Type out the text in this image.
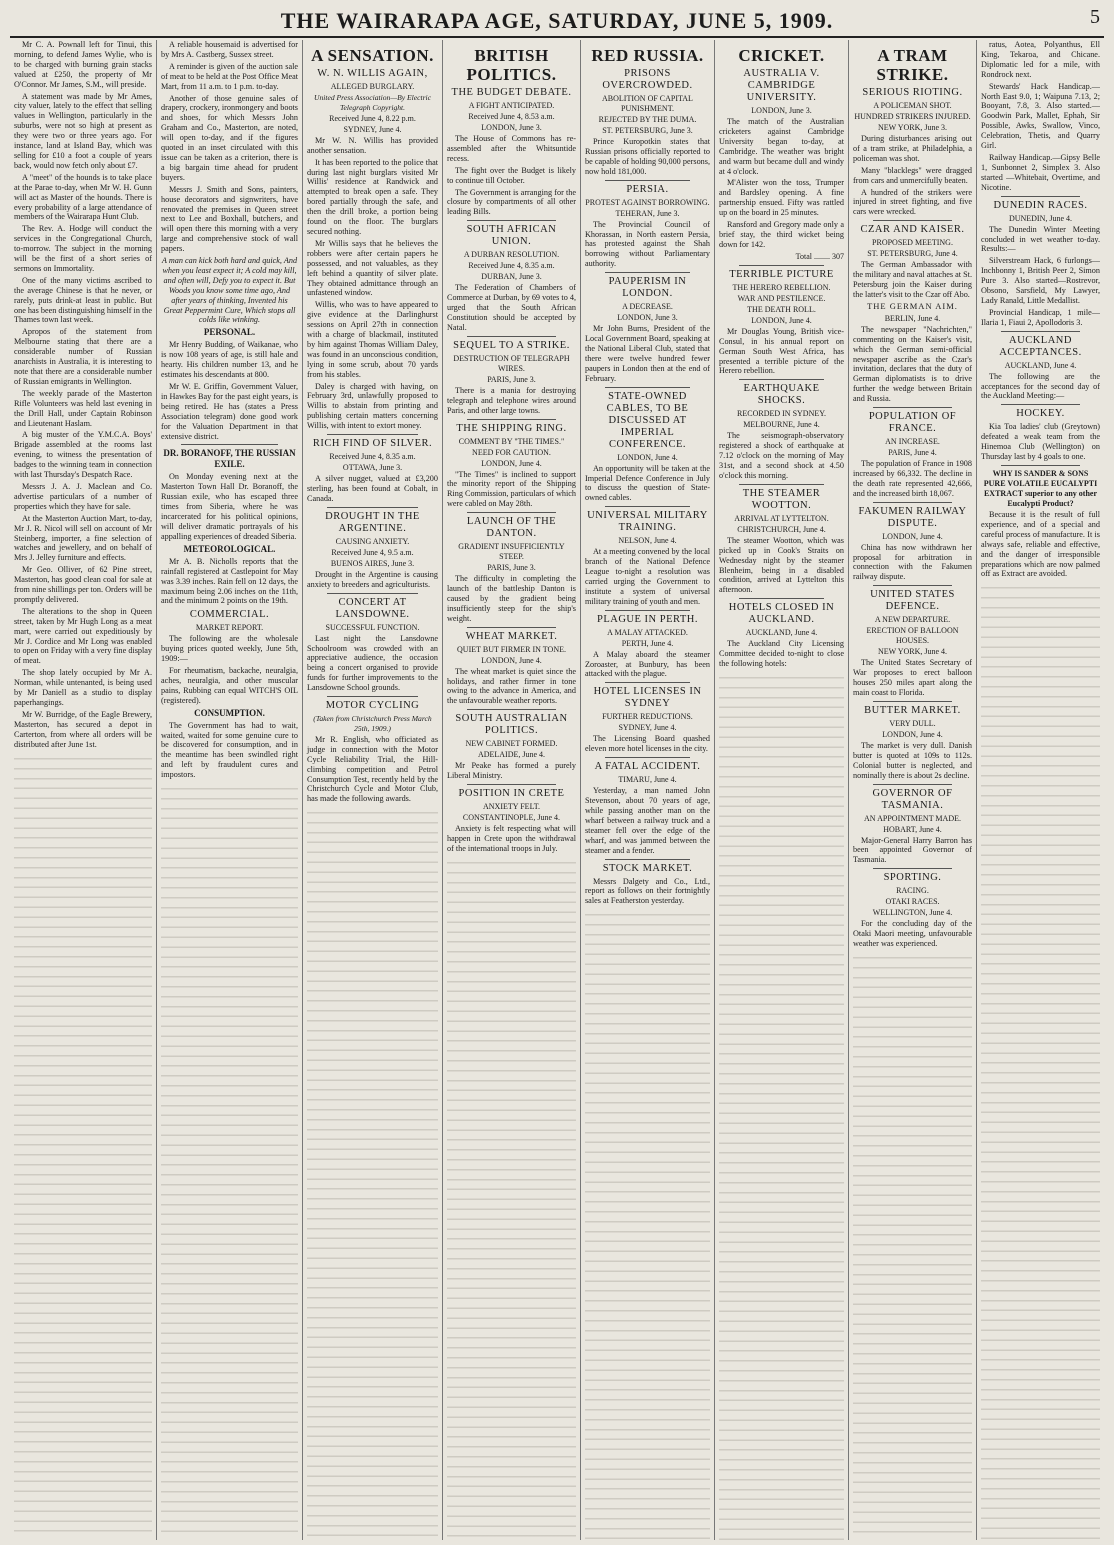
THE WAIRARAPA AGE, SATURDAY, JUNE 5, 1909.	5

Mr C. A. Pownall left for Tinui, this morning, to defend James Wylie, who is to be charged with burning grain stacks valued at £250, the property of Mr O'Connor. Mr James, S.M., will preside.

A statement was made by Mr Ames, city valuer, lately to the effect that selling values in Wellington, particularly in the suburbs, were not so high at present as they were two or three years ago. For instance, land at Island Bay, which was selling for £10 a foot a couple of years back, would now fetch only about £7.

A "meet" of the hounds is to take place at the Parae to-day, when Mr W. H. Gunn will act as Master of the hounds. There is every probability of a large attendance of members of the Wairarapa Hunt Club.

The Rev. A. Hodge will conduct the services in the Congregational Church, to-morrow. The subject in the morning will be the first of a short series of sermons on Immortality.

One of the many victims ascribed to the average Chinese is that he never, or rarely, puts drink-at least in public. But one has been distinguishing himself in the Thames town last week.

Apropos of the statement from Melbourne stating that there are a considerable number of Russian anarchists in Australia, it is interesting to note that there are a considerable number of Russian emigrants in Wellington.

The weekly parade of the Masterton Rifle Volunteers was held last evening in the Drill Hall, under Captain Robinson and Lieutenant Haslam.

A big muster of the Y.M.C.A. Boys' Brigade assembled at the rooms last evening, to witness the presentation of badges to the winning team in connection with last Thursday's Despatch Race.

Messrs J. A. J. Maclean and Co. advertise particulars of a number of properties which they have for sale.

At the Masterton Auction Mart, to-day, Mr J. R. Nicol will sell on account of Mr Steinberg, importer, a fine selection of watches and jewellery, and on behalf of Mrs J. Jelley furniture and effects.

Mr Geo. Olliver, of 62 Pine street, Masterton, has good clean coal for sale at from nine shillings per ton. Orders will be promptly delivered.

The alterations to the shop in Queen street, taken by Mr Hugh Long as a meat mart, were carried out expeditiously by Mr J. Cordice and Mr Long was enabled to open on Friday with a very fine display of meat.

The shop lately occupied by Mr A. Norman, while untenanted, is being used by Mr Daniell as a studio to display paperhangings.

Mr W. Burridge, of the Eagle Brewery, Masterton, has secured a depot in Carterton, from where all orders will be distributed after June 1st.

A reliable housemaid is advertised for by Mrs A. Castberg, Sussex street.

A reminder is given of the auction sale of meat to be held at the Post Office Meat Mart, from 11 a.m. to 1 p.m. to-day.

Another of those genuine sales of drapery, crockery, ironmongery and boots and shoes, for which Messrs John Graham and Co., Masterton, are noted, will open to-day, and if the figures quoted in an inset circulated with this issue can be taken as a criterion, there is a big bargain time ahead for prudent buyers.

Messrs J. Smith and Sons, painters, house decorators and signwriters, have renovated the premises in Queen street next to Lee and Boxhall, butchers, and will open there this morning with a very large and comprehensive stock of wall papers.

A man can kick both hard and quick, And when you least expect it; A cold may kill, and often will, Defy you to expect it. But Woods you know some time ago, And after years of thinking, Invented his Great Peppermint Cure, Which stops all colds like winking.

PERSONAL.

Mr Henry Budding, of Waikanae, who is now 108 years of age, is still hale and hearty. His children number 13, and he estimates his descendants at 800.

Mr W. E. Griffin, Government Valuer, in Hawkes Bay for the past eight years, is being retired. He has (states a Press Association telegram) done good work for the Valuation Department in that extensive district.

DR. BORANOFF, THE RUSSIAN EXILE.

On Monday evening next at the Masterton Town Hall Dr. Boranoff, the Russian exile, who has escaped three times from Siberia, where he was incarcerated for his political opinions, will deliver dramatic portrayals of his appalling experiences of dreaded Siberia.

METEOROLOGICAL.

Mr A. B. Nicholls reports that the rainfall registered at Castlepoint for May was 3.39 inches. Rain fell on 12 days, the maximum being 2.06 inches on the 11th, and the minimum 2 points on the 19th.

COMMERCIAL.
MARKET REPORT.

The following are the wholesale buying prices quoted weekly, June 5th, 1909:—

For rheumatism, backache, neuralgia, aches, neuralgia, and other muscular pains, Rubbing can equal WITCH'S OIL (registered).

CONSUMPTION.

The Government has had to wait, waited, waited for some genuine cure to be discovered for consumption, and in the meantime has been swindled right and left by fraudulent cures and impostors.

A SENSATION.
W. N. WILLIS AGAIN,
ALLEGED BURGLARY.
United Press Association—By Electric Telegraph Copyright.
Received June 4, 8.22 p.m.
SYDNEY, June 4.

Mr W. N. Willis has provided another sensation.

It has been reported to the police that during last night burglars visited Mr Willis' residence at Randwick and attempted to break open a safe. They bored partially through the safe, and then the drill broke, a portion being found on the floor. The burglars secured nothing.

Mr Willis says that he believes the robbers were after certain papers he possessed, and not valuables, as they left behind a quantity of silver plate. They obtained admittance through an unfastened window.

Willis, who was to have appeared to give evidence at the Darlinghurst sessions on April 27th in connection with a charge of blackmail, instituted by him against Thomas William Daley, was found in an unconscious condition, lying in some scrub, about 70 yards from his stables.

Daley is charged with having, on February 3rd, unlawfully proposed to Willis to abstain from printing and publishing certain matters concerning Willis, with intent to extort money.

RICH FIND OF SILVER.
Received June 4, 8.35 a.m.
OTTAWA, June 3.

A silver nugget, valued at £3,200 sterling, has been found at Cobalt, in Canada.

DROUGHT IN THE ARGENTINE.
CAUSING ANXIETY.
Received June 4, 9.5 a.m.
BUENOS AIRES, June 3.

Drought in the Argentine is causing anxiety to breeders and agriculturists.

CONCERT AT LANSDOWNE.
SUCCESSFUL FUNCTION.

Last night the Lansdowne Schoolroom was crowded with an appreciative audience, the occasion being a concert organised to provide funds for further improvements to the Lansdowne School grounds.

MOTOR CYCLING
(Taken from Christchurch Press March 25th, 1909.)

Mr R. English, who officiated as judge in connection with the Motor Cycle Reliability Trial, the Hill-climbing competition and Petrol Consumption Test, recently held by the Christchurch Cycle and Motor Club, has made the following awards.

BRITISH POLITICS.
THE BUDGET DEBATE.
A FIGHT ANTICIPATED.
Received June 4, 8.53 a.m.
LONDON, June 3.

The House of Commons has re-assembled after the Whitsuntide recess.

The fight over the Budget is likely to continue till October.

The Government is arranging for the closure by compartments of all other leading Bills.

SOUTH AFRICAN UNION.
A DURBAN RESOLUTION.
Received June 4, 8.35 a.m.
DURBAN, June 3.

The Federation of Chambers of Commerce at Durban, by 69 votes to 4, urged that the South African Constitution should be accepted by Natal.

SEQUEL TO A STRIKE.
DESTRUCTION OF TELEGRAPH WIRES.
PARIS, June 3.

There is a mania for destroying telegraph and telephone wires around Paris, and other large towns.

THE SHIPPING RING.
COMMENT BY "THE TIMES."
NEED FOR CAUTION.
LONDON, June 4.

"The Times" is inclined to support the minority report of the Shipping Ring Commission, particulars of which were cabled on May 28th.

LAUNCH OF THE DANTON.
GRADIENT INSUFFICIENTLY STEEP.
PARIS, June 3.

The difficulty in completing the launch of the battleship Danton is caused by the gradient being insufficiently steep for the ship's weight.

WHEAT MARKET.
QUIET BUT FIRMER IN TONE.
LONDON, June 4.

The wheat market is quiet since the holidays, and rather firmer in tone owing to the advance in America, and the unfavourable weather reports.

SOUTH AUSTRALIAN POLITICS.
NEW CABINET FORMED.
ADELAIDE, June 4.

Mr Peake has formed a purely Liberal Ministry.

POSITION IN CRETE
ANXIETY FELT.
CONSTANTINOPLE, June 4.

Anxiety is felt respecting what will happen in Crete upon the withdrawal of the international troops in July.

RED RUSSIA.
PRISONS OVERCROWDED.
ABOLITION OF CAPITAL PUNISHMENT.
REJECTED BY THE DUMA.
ST. PETERSBURG, June 3.

Prince Kuropotkin states that Russian prisons officially reported to be capable of holding 90,000 persons, now hold 181,000.

PERSIA.
PROTEST AGAINST BORROWING.
TEHERAN, June 3.

The Provincial Council of Khorassan, in North eastern Persia, has protested against the Shah borrowing without Parliamentary authority.

PAUPERISM IN LONDON.
A DECREASE.
LONDON, June 3.

Mr John Burns, President of the Local Government Board, speaking at the National Liberal Club, stated that there were twelve hundred fewer paupers in London then at the end of February.

STATE-OWNED CABLES, TO BE DISCUSSED AT IMPERIAL CONFERENCE.
LONDON, June 4.

An opportunity will be taken at the Imperial Defence Conference in July to discuss the question of State-owned cables.

UNIVERSAL MILITARY TRAINING.
NELSON, June 4.

At a meeting convened by the local branch of the National Defence League to-night a resolution was carried urging the Government to institute a system of universal military training of youth and men.

PLAGUE IN PERTH.
A MALAY ATTACKED.
PERTH, June 4.

A Malay aboard the steamer Zoroaster, at Bunbury, has been attacked with the plague.

HOTEL LICENSES IN SYDNEY
FURTHER REDUCTIONS.
SYDNEY, June 4.

The Licensing Board quashed eleven more hotel licenses in the city.

A FATAL ACCIDENT.
TIMARU, June 4.

Yesterday, a man named John Stevenson, about 70 years of age, while passing another man on the wharf between a railway truck and a steamer fell over the edge of the wharf, and was jammed between the steamer and a fender.

STOCK MARKET.

Messrs Dalgety and Co., Ltd., report as follows on their fortnightly sales at Featherston yesterday.

CRICKET.
AUSTRALIA V. CAMBRIDGE UNIVERSITY.
LONDON, June 3.

The match of the Australian cricketers against Cambridge University began to-day, at Cambridge. The weather was bright and warm but became dull and windy at 4 o'clock.

M'Alister won the toss, Trumper and Bardsley opening. A fine partnership ensued. Fifty was rattled up on the board in 25 minutes.

Ransford and Gregory made only a brief stay, the third wicket being down for 142.

Total ........ 307
TERRIBLE PICTURE
THE HERERO REBELLION.
WAR AND PESTILENCE.
THE DEATH ROLL.
LONDON, June 4.

Mr Douglas Young, British vice-Consul, in his annual report on German South West Africa, has presented a terrible picture of the Herero rebellion.

EARTHQUAKE SHOCKS.
RECORDED IN SYDNEY.
MELBOURNE, June 4.

The seismograph-observatory registered a shock of earthquake at 7.12 o'clock on the morning of May 31st, and a second shock at 4.50 o'clock this morning.

THE STEAMER WOOTTON.
ARRIVAL AT LYTTELTON.
CHRISTCHURCH, June 4.

The steamer Wootton, which was picked up in Cook's Straits on Wednesday night by the steamer Blenheim, being in a disabled condition, arrived at Lyttelton this afternoon.

HOTELS CLOSED IN AUCKLAND.
AUCKLAND, June 4.

The Auckland City Licensing Committee decided to-night to close the following hotels:

A TRAM STRIKE.
SERIOUS RIOTING.
A POLICEMAN SHOT.
HUNDRED STRIKERS INJURED.
NEW YORK, June 3.

During disturbances arising out of a tram strike, at Philadelphia, a policeman was shot.

Many "blacklegs" were dragged from cars and unmercifully beaten.

A hundred of the strikers were injured in street fighting, and five cars were wrecked.

CZAR AND KAISER.
PROPOSED MEETING.
ST. PETERSBURG, June 4.

The German Ambassador with the military and naval attaches at St. Petersburg join the Kaiser during the latter's visit to the Czar off Abo.

THE GERMAN AIM.
BERLIN, June 4.

The newspaper "Nachrichten," commenting on the Kaiser's visit, which the German semi-official newspaper ascribe as the Czar's invitation, declares that the duty of German diplomatists is to drive further the wedge between Britain and Russia.

POPULATION OF FRANCE.
AN INCREASE.
PARIS, June 4.

The population of France in 1908 increased by 66,332. The decline in the death rate represented 42,666, and the increased birth 18,067.

FAKUMEN RAILWAY DISPUTE.
LONDON, June 4.

China has now withdrawn her proposal for arbitration in connection with the Fakumen railway dispute.

UNITED STATES DEFENCE.
A NEW DEPARTURE.
ERECTION OF BALLOON HOUSES.
NEW YORK, June 4.

The United States Secretary of War proposes to erect balloon houses 250 miles apart along the main coast to Florida.

BUTTER MARKET.
VERY DULL.
LONDON, June 4.

The market is very dull. Danish butter is quoted at 109s to 112s. Colonial butter is neglected, and nominally there is about 2s decline.

GOVERNOR OF TASMANIA.
AN APPOINTMENT MADE.
HOBART, June 4.

Major-General Harry Barron has been appointed Governor of Tasmania.

SPORTING.
RACING.
OTAKI RACES.
WELLINGTON, June 4.

For the concluding day of the Otaki Maori meeting, unfavourable weather was experienced.

ratus, Aotea, Polyanthus, Ell King, Tekaroa, and Chicane. Diplomatic led for a mile, with Rondrock next.

Stewards' Hack Handicap.—North East 9.0, 1; Waipuna 7.13, 2; Booyant, 7.8, 3. Also started.—Goodwin Park, Mallet, Ephah, Sir Possible, Awks, Swallow, Vinco, Celebration, Thetis, and Quarry Girl.

Railway Handicap.—Gipsy Belle 1, Sunbonnet 2, Simplex 3. Also started —Whitebait, Overtime, and Nicotine.

DUNEDIN RACES.
DUNEDIN, June 4.

The Dunedin Winter Meeting concluded in wet weather to-day. Results:—

Silverstream Hack, 6 furlongs—Inchbonny 1, British Peer 2, Simon Pure 3. Also started—Rostrevor, Obsono, Sarsfield, My Lawyer, Lady Ranald, Little Medallist.

Provincial Handicap, 1 mile—Ilaria 1, Fiaui 2, Apollodoris 3.

AUCKLAND ACCEPTANCES.
AUCKLAND, June 4.

The following are the acceptances for the second day of the Auckland Meeting:—

HOCKEY.

Kia Toa ladies' club (Greytown) defeated a weak team from the Hinemoa Club (Wellington) on Thursday last by 4 goals to one.

WHY IS SANDER & SONS PURE VOLATILE EUCALYPTI EXTRACT superior to any other Eucalypti Product?

Because it is the result of full experience, and of a special and careful process of manufacture. It is always safe, reliable and effective, and the danger of irresponsible preparations which are now palmed off as Extract are avoided.
